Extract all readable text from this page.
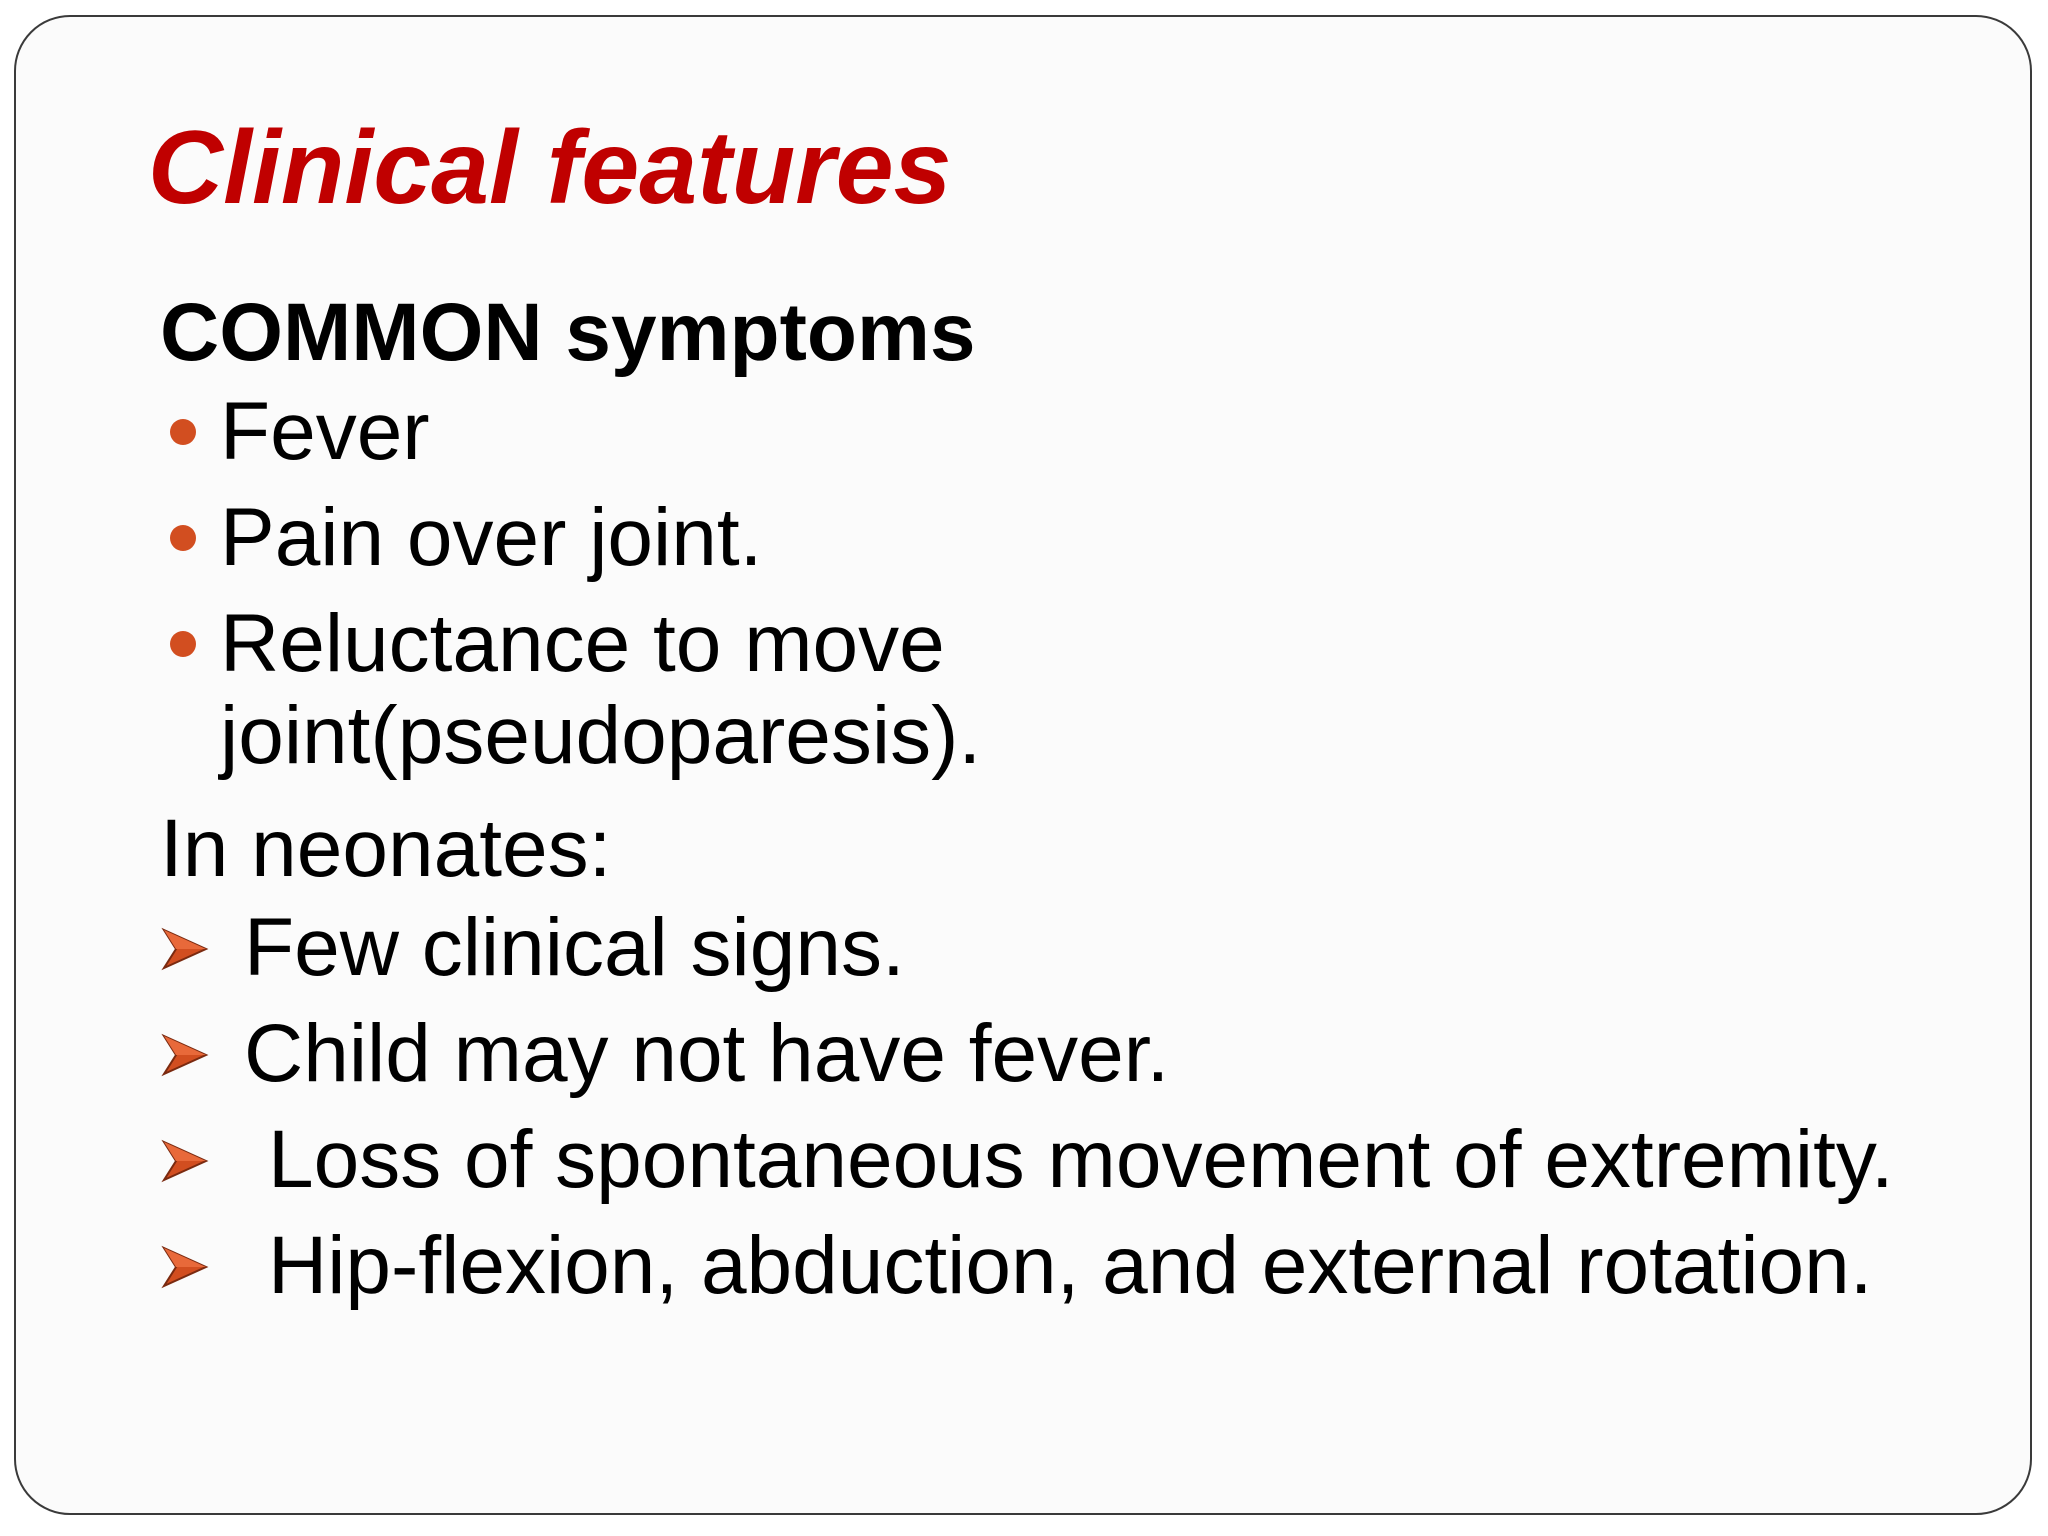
Clinical features
COMMON symptoms
Fever
Pain over joint.
Reluctance to move joint(pseudoparesis).
In neonates:
Few clinical signs.
Child may not have fever.
Loss of spontaneous movement of extremity.
Hip-flexion, abduction, and external rotation.
